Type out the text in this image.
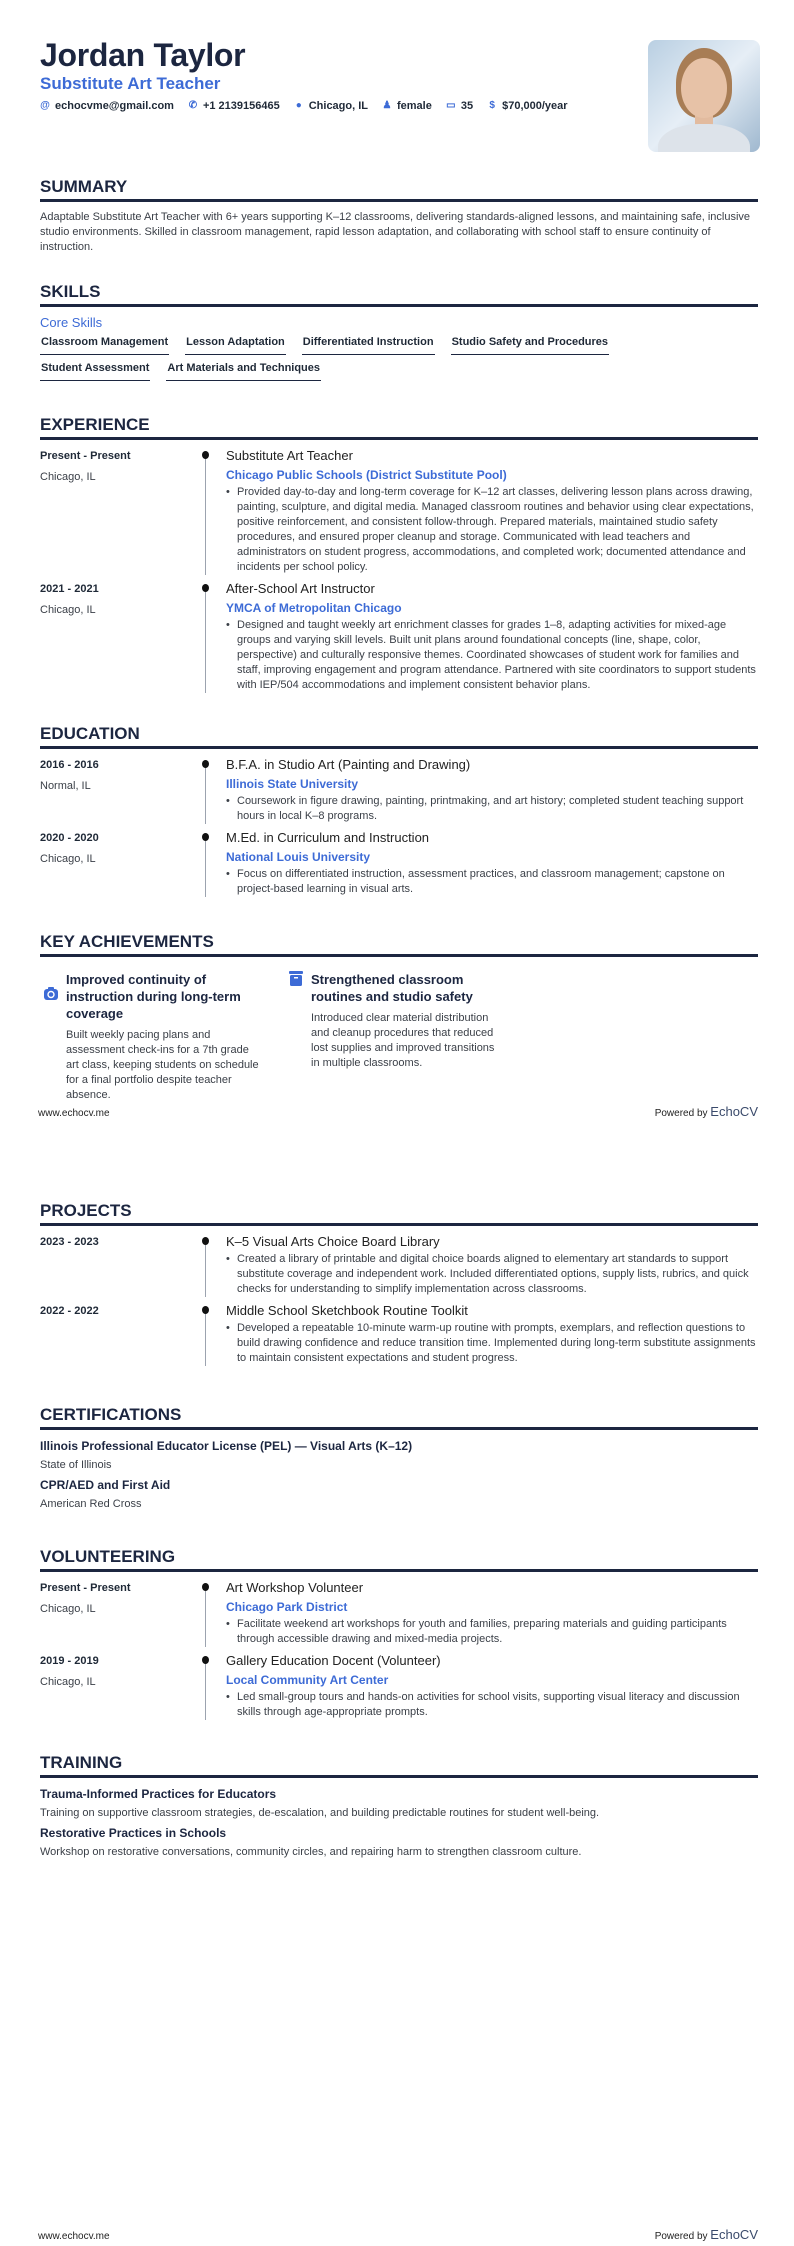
Jordan Taylor
Substitute Art Teacher
@ echocvme@gmail.com ✆ +1 2139156465 ● Chicago, IL ♟ female ▭ 35 $ $70,000/year
SUMMARY

Adaptable Substitute Art Teacher with 6+ years supporting K–12 classrooms, delivering standards-aligned lessons, and maintaining safe, inclusive studio environments. Skilled in classroom management, rapid lesson adaptation, and collaborating with school staff to ensure continuity of instruction.

SKILLS
Core Skills
Classroom Management Lesson Adaptation Differentiated Instruction Studio Safety and Procedures
Student Assessment Art Materials and Techniques
EXPERIENCE
Present - Present
Chicago, IL
Substitute Art Teacher
Chicago Public Schools (District Substitute Pool)
• Provided day-to-day and long-term coverage for K–12 art classes, delivering lesson plans across drawing, painting, sculpture, and digital media. Managed classroom routines and behavior using clear expectations, positive reinforcement, and consistent follow-through. Prepared materials, maintained studio safety procedures, and ensured proper cleanup and storage. Communicated with lead teachers and administrators on student progress, accommodations, and completed work; documented attendance and incidents per school policy.
2021 - 2021
Chicago, IL
After-School Art Instructor
YMCA of Metropolitan Chicago
• Designed and taught weekly art enrichment classes for grades 1–8, adapting activities for mixed-age groups and varying skill levels. Built unit plans around foundational concepts (line, shape, color, perspective) and culturally responsive themes. Coordinated showcases of student work for families and staff, improving engagement and program attendance. Partnered with site coordinators to support students with IEP/504 accommodations and implement consistent behavior plans.
EDUCATION
2016 - 2016
Normal, IL
B.F.A. in Studio Art (Painting and Drawing)
Illinois State University
• Coursework in figure drawing, painting, printmaking, and art history; completed student teaching support hours in local K–8 programs.
2020 - 2020
Chicago, IL
M.Ed. in Curriculum and Instruction
National Louis University
• Focus on differentiated instruction, assessment practices, and classroom management; capstone on project-based learning in visual arts.
KEY ACHIEVEMENTS
Improved continuity of instruction during long-term coverage
Built weekly pacing plans and assessment check-ins for a 7th grade art class, keeping students on schedule for a final portfolio despite teacher absence.
Strengthened classroom routines and studio safety
Introduced clear material distribution and cleanup procedures that reduced lost supplies and improved transitions in multiple classrooms.
www.echocv.me	Powered by EchoCV
PROJECTS
2023 - 2023	K–5 Visual Arts Choice Board Library
• Created a library of printable and digital choice boards aligned to elementary art standards to support substitute coverage and independent work. Included differentiated options, supply lists, rubrics, and quick checks for understanding to simplify implementation across classrooms.
2022 - 2022	Middle School Sketchbook Routine Toolkit
• Developed a repeatable 10-minute warm-up routine with prompts, exemplars, and reflection questions to build drawing confidence and reduce transition time. Implemented during long-term substitute assignments to maintain consistent expectations and student progress.
CERTIFICATIONS
Illinois Professional Educator License (PEL) — Visual Arts (K–12)
State of Illinois
CPR/AED and First Aid
American Red Cross
VOLUNTEERING
Present - Present
Chicago, IL
Art Workshop Volunteer
Chicago Park District
• Facilitate weekend art workshops for youth and families, preparing materials and guiding participants through accessible drawing and mixed-media projects.
2019 - 2019
Chicago, IL
Gallery Education Docent (Volunteer)
Local Community Art Center
• Led small-group tours and hands-on activities for school visits, supporting visual literacy and discussion skills through age-appropriate prompts.
TRAINING
Trauma-Informed Practices for Educators
Training on supportive classroom strategies, de-escalation, and building predictable routines for student well-being.
Restorative Practices in Schools
Workshop on restorative conversations, community circles, and repairing harm to strengthen classroom culture.
www.echocv.me	Powered by EchoCV
